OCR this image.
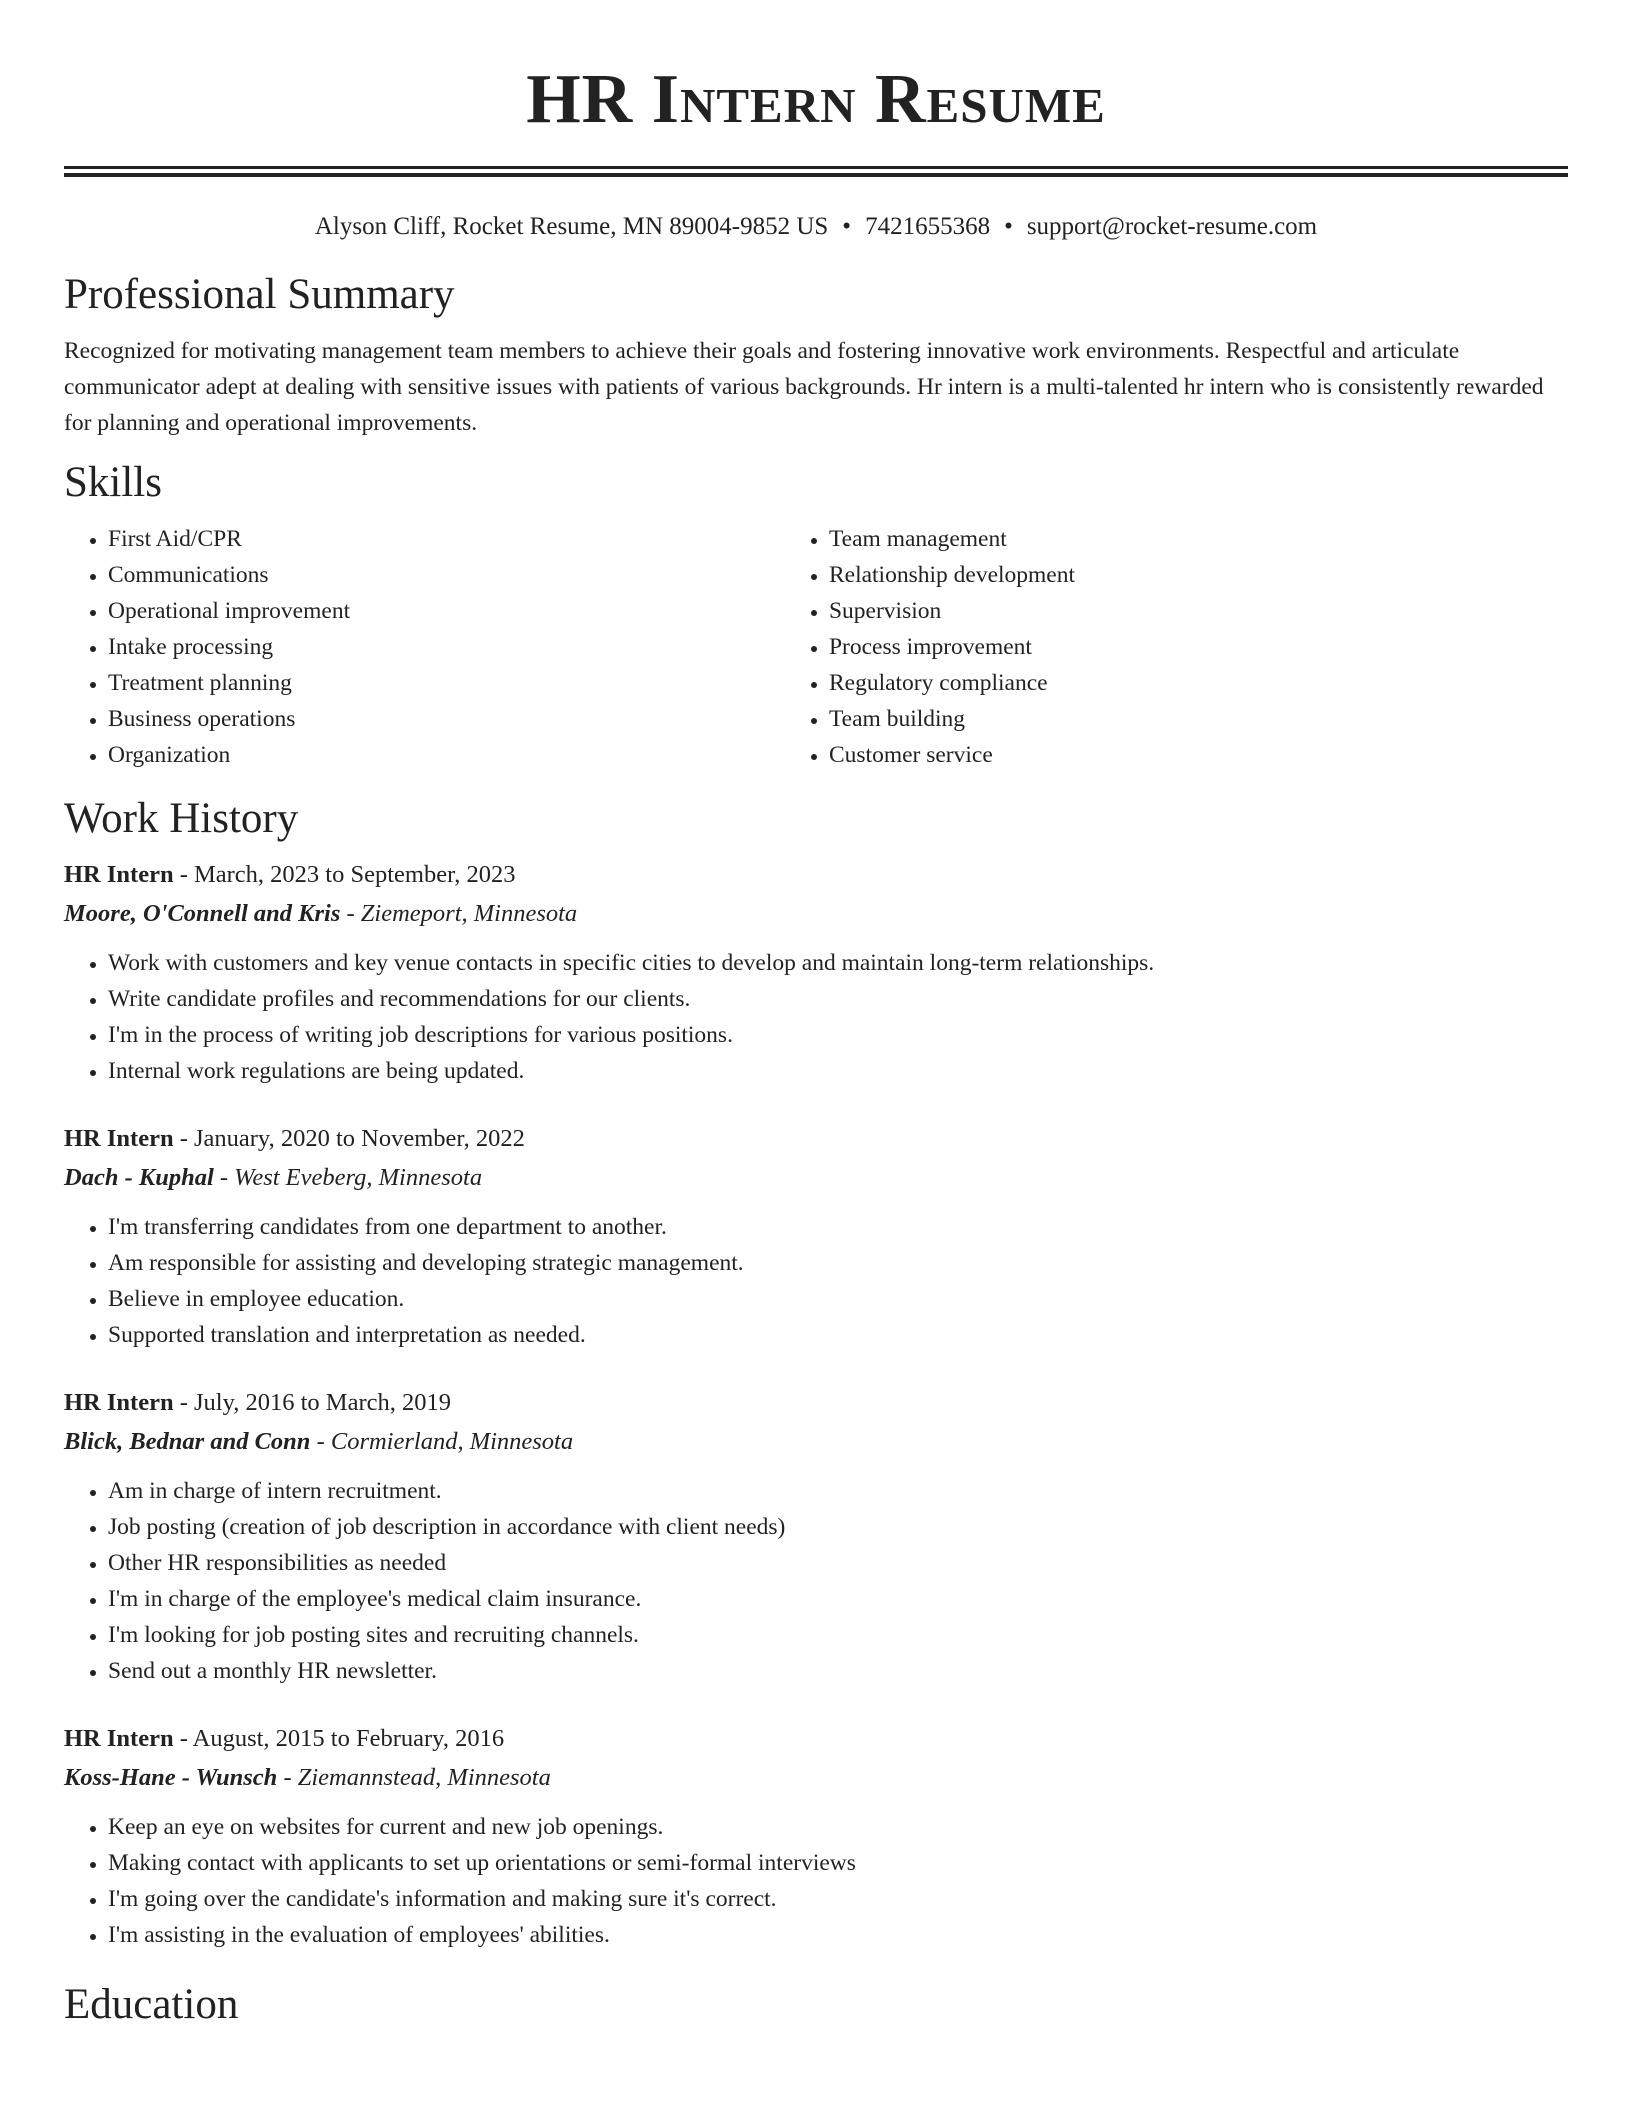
HR Intern Resume
Alyson Cliff, Rocket Resume, MN 89004-9852 US • 7421655368 • support@rocket-resume.com
Professional Summary

Recognized for motivating management team members to achieve their goals and fostering innovative work environments. Respectful and articulate communicator adept at dealing with sensitive issues with patients of various backgrounds. Hr intern is a multi-talented hr intern who is consistently rewarded for planning and operational improvements.

Skills
• First Aid/CPR
• Communications
• Operational improvement
• Intake processing
• Treatment planning
• Business operations
• Organization
• Team management
• Relationship development
• Supervision
• Process improvement
• Regulatory compliance
• Team building
• Customer service
Work History
HR Intern - March, 2023 to September, 2023
Moore, O'Connell and Kris - Ziemeport, Minnesota
• Work with customers and key venue contacts in specific cities to develop and maintain long-term relationships.
• Write candidate profiles and recommendations for our clients.
• I'm in the process of writing job descriptions for various positions.
• Internal work regulations are being updated.
HR Intern - January, 2020 to November, 2022
Dach - Kuphal - West Eveberg, Minnesota
• I'm transferring candidates from one department to another.
• Am responsible for assisting and developing strategic management.
• Believe in employee education.
• Supported translation and interpretation as needed.
HR Intern - July, 2016 to March, 2019
Blick, Bednar and Conn - Cormierland, Minnesota
• Am in charge of intern recruitment.
• Job posting (creation of job description in accordance with client needs)
• Other HR responsibilities as needed
• I'm in charge of the employee's medical claim insurance.
• I'm looking for job posting sites and recruiting channels.
• Send out a monthly HR newsletter.
HR Intern - August, 2015 to February, 2016
Koss-Hane - Wunsch - Ziemannstead, Minnesota
• Keep an eye on websites for current and new job openings.
• Making contact with applicants to set up orientations or semi-formal interviews
• I'm going over the candidate's information and making sure it's correct.
• I'm assisting in the evaluation of employees' abilities.
Education
